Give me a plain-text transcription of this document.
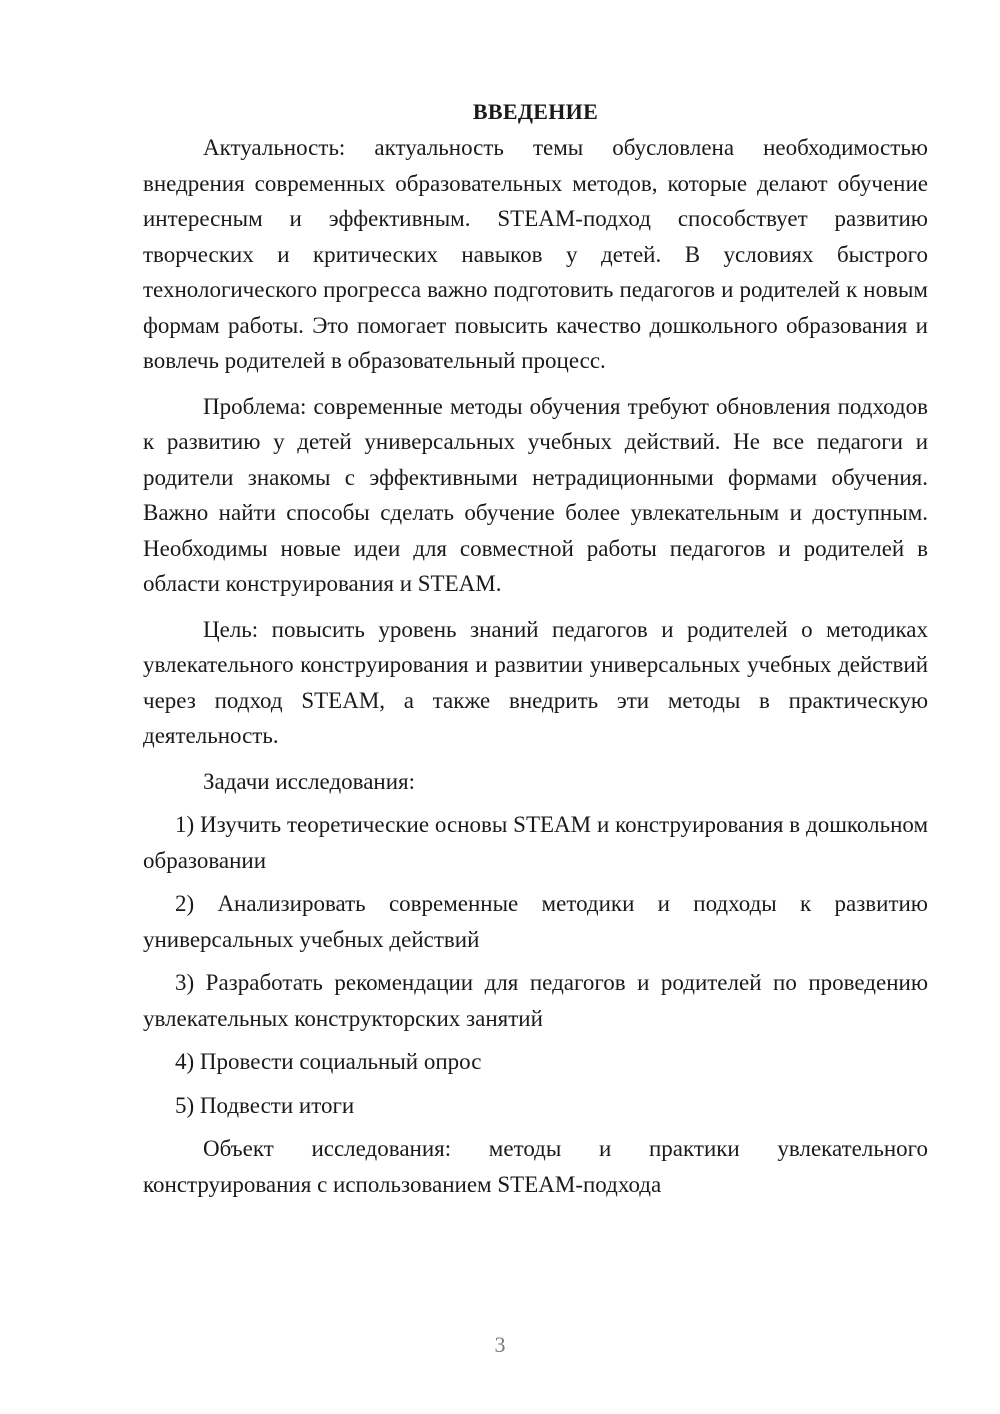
ВВЕДЕНИЕ

Актуальность: актуальность темы обусловлена необходимостью внедрения современных образовательных методов, которые делают обучение интересным и эффективным. STEAM-подход способствует развитию творческих и критических навыков у детей. В условиях быстрого технологического прогресса важно подготовить педагогов и родителей к новым формам работы. Это помогает повысить качество дошкольного образования и вовлечь родителей в образовательный процесс.

Проблема: современные методы обучения требуют обновления подходов к развитию у детей универсальных учебных действий. Не все педагоги и родители знакомы с эффективными нетрадиционными формами обучения. Важно найти способы сделать обучение более увлекательным и доступным. Необходимы новые идеи для совместной работы педагогов и родителей в области конструирования и STEAM.

Цель: повысить уровень знаний педагогов и родителей о методиках увлекательного конструирования и развитии универсальных учебных действий через подход STEAM, а также внедрить эти методы в практическую деятельность.

Задачи исследования:

1) Изучить теоретические основы STEAM и конструирования в дошкольном образовании

2) Анализировать современные методики и подходы к развитию универсальных учебных действий

3) Разработать рекомендации для педагогов и родителей по проведению увлекательных конструкторских занятий

4) Провести социальный опрос

5) Подвести итоги

Объект исследования: методы и практики увлекательного конструирования с использованием STEAM-подхода

3
